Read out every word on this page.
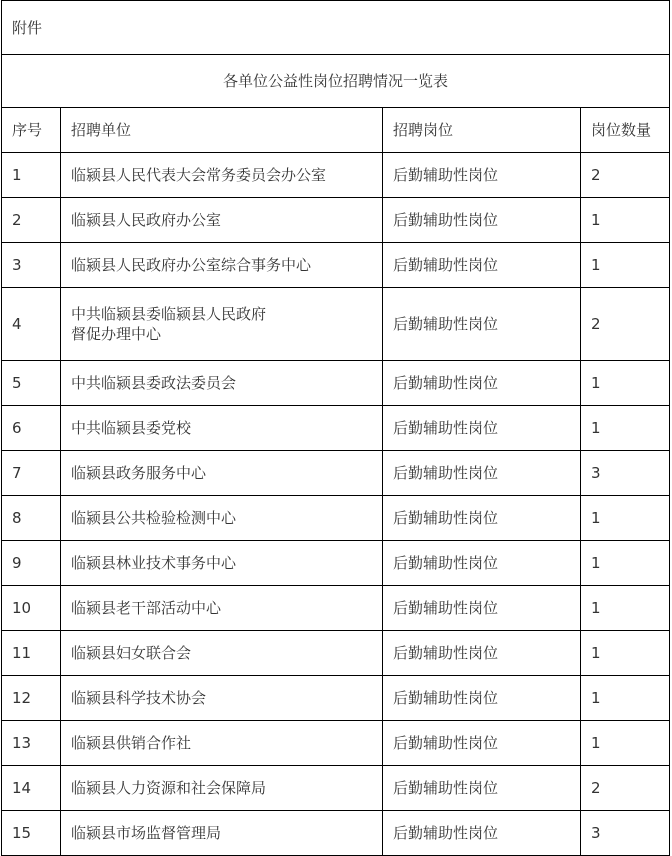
附件			
各单位公益性岗位招聘情况一览表			
序号	招聘单位	招聘岗位	岗位数量
1	临颍县人民代表大会常务委员会办公室	后勤辅助性岗位	2
2	临颍县人民政府办公室	后勤辅助性岗位	1
3	临颍县人民政府办公室综合事务中心	后勤辅助性岗位	1
4	中共临颍县委临颍县人民政府
督促办理中心	后勤辅助性岗位	2
5	中共临颍县委政法委员会	后勤辅助性岗位	1
6	中共临颍县委党校	后勤辅助性岗位	1
7	临颍县政务服务中心	后勤辅助性岗位	3
8	临颍县公共检验检测中心	后勤辅助性岗位	1
9	临颍县林业技术事务中心	后勤辅助性岗位	1
10	临颍县老干部活动中心	后勤辅助性岗位	1
11	临颍县妇女联合会	后勤辅助性岗位	1
12	临颍县科学技术协会	后勤辅助性岗位	1
13	临颍县供销合作社	后勤辅助性岗位	1
14	临颍县人力资源和社会保障局	后勤辅助性岗位	2
15	临颍县市场监督管理局	后勤辅助性岗位	3
